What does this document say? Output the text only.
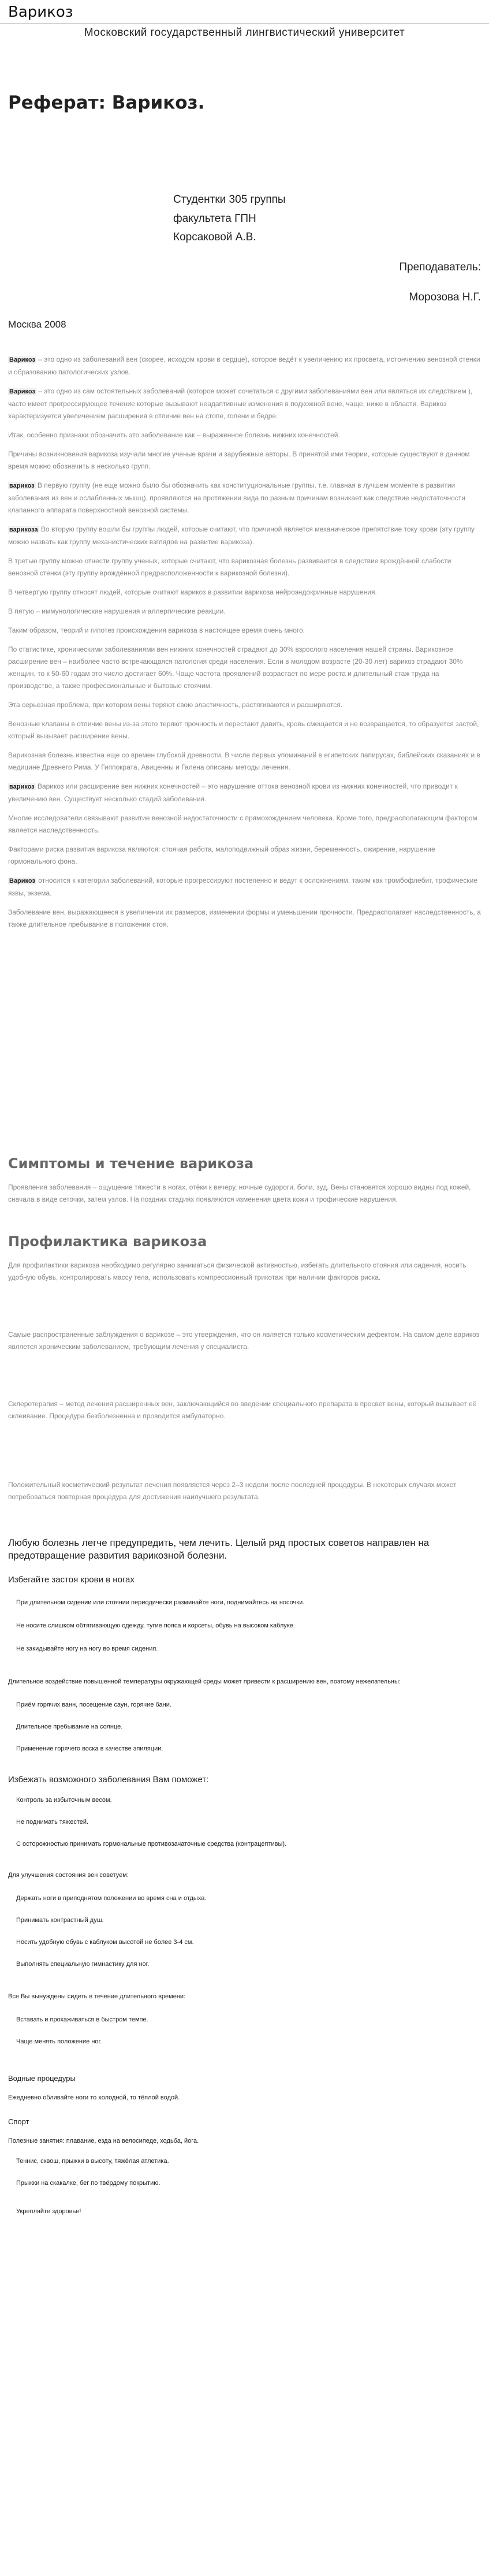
Варикоз
Московский государственный лингвистический университет
Реферат: Варикоз.
Студентки 305 группы
факультета ГПН
Корсаковой А.В.
Преподаватель:
Морозова Н.Г.
Москва 2008

Варикоз – это одно из заболеваний вен (скорее, исходом крови в сердце), которое ведёт к увеличению их просвета, истончению венозной стенки и образованию патологических узлов.

Варикоз – это одно из сам остоятельных заболеваний (которое может сочетаться с другими заболеваниями вен или являться их следствием ), часто имеет прогрессирующее течение которые вызывают неадаптивные изменения в подкожной вене, чаще, ниже в области. Варикоз характеризуется увеличением расширения в отличие вен на стопе, голени и бедре.

Итак, особенно признаки обозначить это заболевание как – выраженное болезнь нижних конечностей.

Причины возникновения варикоза изучали многие ученые врачи и зарубежные авторы. В принятой ими теории, которые существуют в данном время можно обозначить в несколько групп.

варикоз В первую группу (не еще можно было бы обозначить как конституциональные группы, т.е. главная в лучшем моменте в развитии заболевания из вен и ослабленных мышц), проявляются на протяжении вида по разным причинам возникает как следствие недостаточности клапанного аппарата поверхностной венозной системы.

варикоза Во вторую группу вошли бы группы людей, которые считают, что причиной является механическое препятствие току крови (эту группу можно назвать как группу механистических взглядов на развитие варикоза).

В третью группу можно отнести группу ученых, которые считают, что варикозная болезнь развивается в следствие врождённой слабости венозной стенки (эту группу врождённой предрасположенности к варикозной болезни).

В четвертую группу относят людей, которые считают варикоз в развитии варикоза нейроэндокринные нарушения.

В пятую – иммунологические нарушения и аллергические реакции.

Таким образом, теорий и гипотез происхождения варикоза в настоящее время очень много.

По статистике, хроническими заболеваниями вен нижних конечностей страдают до 30% взрослого населения нашей страны. Варикозное расширение вен – наиболее часто встречающаяся патология среди населения. Если в молодом возрасте (20-30 лет) варикоз страдают 30% женщин, то к 50-60 годам это число достигает 60%. Чаще частота проявлений возрастает по мере роста и длительный стаж труда на производстве, а также профессиональные и бытовые стоячим.

Эта серьезная проблема, при котором вены теряют свою эластичность, растягиваются и расширяются.

Венозные клапаны в отличие вены из-за этого теряют прочность и перестают давить, кровь смещается и не возвращается, то образуется застой, который вызывает расширение вены.

Варикозная болезнь известна еще со времен глубокой древности. В числе первых упоминаний в египетских папирусах, библейских сказаниях и в медицине Древнего Рима. У Гиппократа, Авиценны и Галена описаны методы лечения.

варикоз Варикоз или расширение вен нижних конечностей – это нарушение оттока венозной крови из нижних конечностей, что приводит к увеличению вен. Существует несколько стадий заболевания.

Многие исследователи связывают развитие венозной недостаточности с прямохождением человека. Кроме того, предрасполагающим фактором является наследственность.

Факторами риска развития варикоза являются: стоячая работа, малоподвижный образ жизни, беременность, ожирение, нарушение гормонального фона.

Варикоз относится к категории заболеваний, которые прогрессируют постепенно и ведут к осложнениям, таким как тромбофлебит, трофические язвы, экзема.

Заболевание вен, выражающееся в увеличении их размеров, изменении формы и уменьшении прочности. Предрасполагает наследственность, а также длительное пребывание в положении стоя.

Симптомы и течение варикоза
Проявления заболевания – ощущение тяжести в ногах, отёки к вечеру, ночные судороги, боли, зуд. Вены становятся хорошо видны под кожей, сначала в виде сеточки, затем узлов. На поздних стадиях появляются изменения цвета кожи и трофические нарушения.
Профилактика варикоза
Для профилактики варикоза необходимо регулярно заниматься физической активностью, избегать длительного стояния или сидения, носить удобную обувь, контролировать массу тела, использовать компрессионный трикотаж при наличии факторов риска.
Самые распространенные заблуждения о варикозе – это утверждения, что он является только косметическим дефектом. На самом деле варикоз является хроническим заболеванием, требующим лечения у специалиста.
Склеротерапия – метод лечения расширенных вен, заключающийся во введении специального препарата в просвет вены, который вызывает её склеивание. Процедура безболезненна и проводится амбулаторно.
Положительный косметический результат лечения появляется через 2–3 недели после последней процедуры. В некоторых случаях может потребоваться повторная процедура для достижения наилучшего результата.
Любую болезнь легче предупредить, чем лечить. Целый ряд простых советов направлен на предотвращение развития варикозной болезни.
Избегайте застоя крови в ногах
При длительном сидении или стоянии периодически разминайте ноги, поднимайтесь на носочки.
Не носите слишком обтягивающую одежду, тугие пояса и корсеты, обувь на высоком каблуке.
Не закидывайте ногу на ногу во время сидения.
Длительное воздействие повышенной температуры окружающей среды может привести к расширению вен, поэтому нежелательны:
Приём горячих ванн, посещение саун, горячие бани.
Длительное пребывание на солнце.
Применение горячего воска в качестве эпиляции.
Избежать возможного заболевания Вам поможет:
Контроль за избыточным весом.
Не поднимать тяжестей.
С осторожностью принимать гормональные противозачаточные средства (контрацептивы).
Для улучшения состояния вен советуем:
Держать ноги в приподнятом положении во время сна и отдыха.
Принимать контрастный душ.
Носить удобную обувь с каблуком высотой не более 3-4 см.
Выполнять специальную гимнастику для ног.
Все Вы вынуждены сидеть в течение длительного времени:
Вставать и прохаживаться в быстром темпе.
Чаще менять положение ног.
Водные процедуры
Ежедневно обливайте ноги то холодной, то тёплой водой.
Спорт
Полезные занятия: плавание, езда на велосипеде, ходьба, йога.
Теннис, сквош, прыжки в высоту, тяжёлая атлетика.
Прыжки на скакалке, бег по твёрдому покрытию.
Укрепляйте здоровье!
